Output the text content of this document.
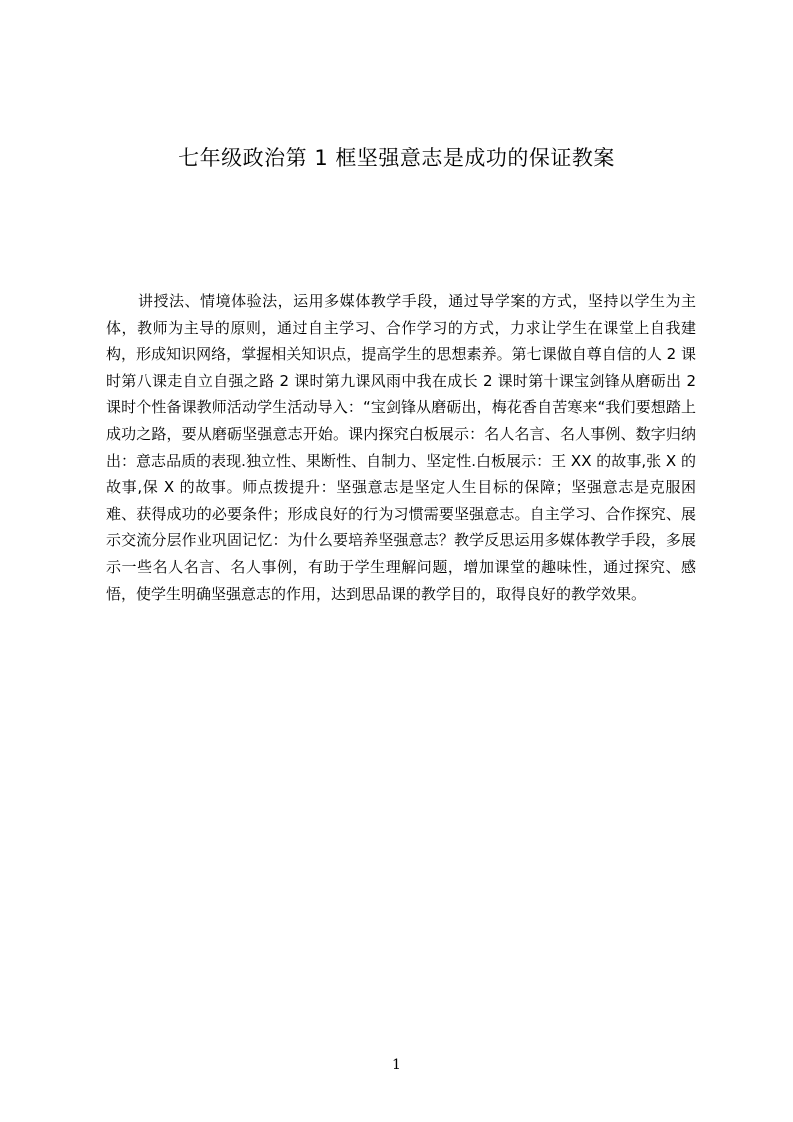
七年级政治第 1 框坚强意志是成功的保证教案

讲授法、情境体验法，运用多媒体教学手段，通过导学案的方式，坚持以学生为主体，教师为主导的原则，通过自主学习、合作学习的方式，力求让学生在课堂上自我建构，形成知识网络，掌握相关知识点，提高学生的思想素养。第七课做自尊自信的人 2 课时第八课走自立自强之路 2 课时第九课风雨中我在成长 2 课时第十课宝剑锋从磨砺出 2 课时个性备课教师活动学生活动导入：“宝剑锋从磨砺出，梅花香自苦寒来“我们要想踏上成功之路，要从磨砺坚强意志开始。课内探究白板展示：名人名言、名人事例、数字归纳出：意志品质的表现.独立性、果断性、自制力、坚定性.白板展示：王 XX 的故事,张 X 的故事,保 X 的故事。师点拨提升：坚强意志是坚定人生目标的保障；坚强意志是克服困难、获得成功的必要条件；形成良好的行为习惯需要坚强意志。自主学习、合作探究、展示交流分层作业巩固记忆：为什么要培养坚强意志？教学反思运用多媒体教学手段，多展示一些名人名言、名人事例，有助于学生理解问题，增加课堂的趣味性，通过探究、感悟，使学生明确坚强意志的作用，达到思品课的教学目的，取得良好的教学效果。

1
